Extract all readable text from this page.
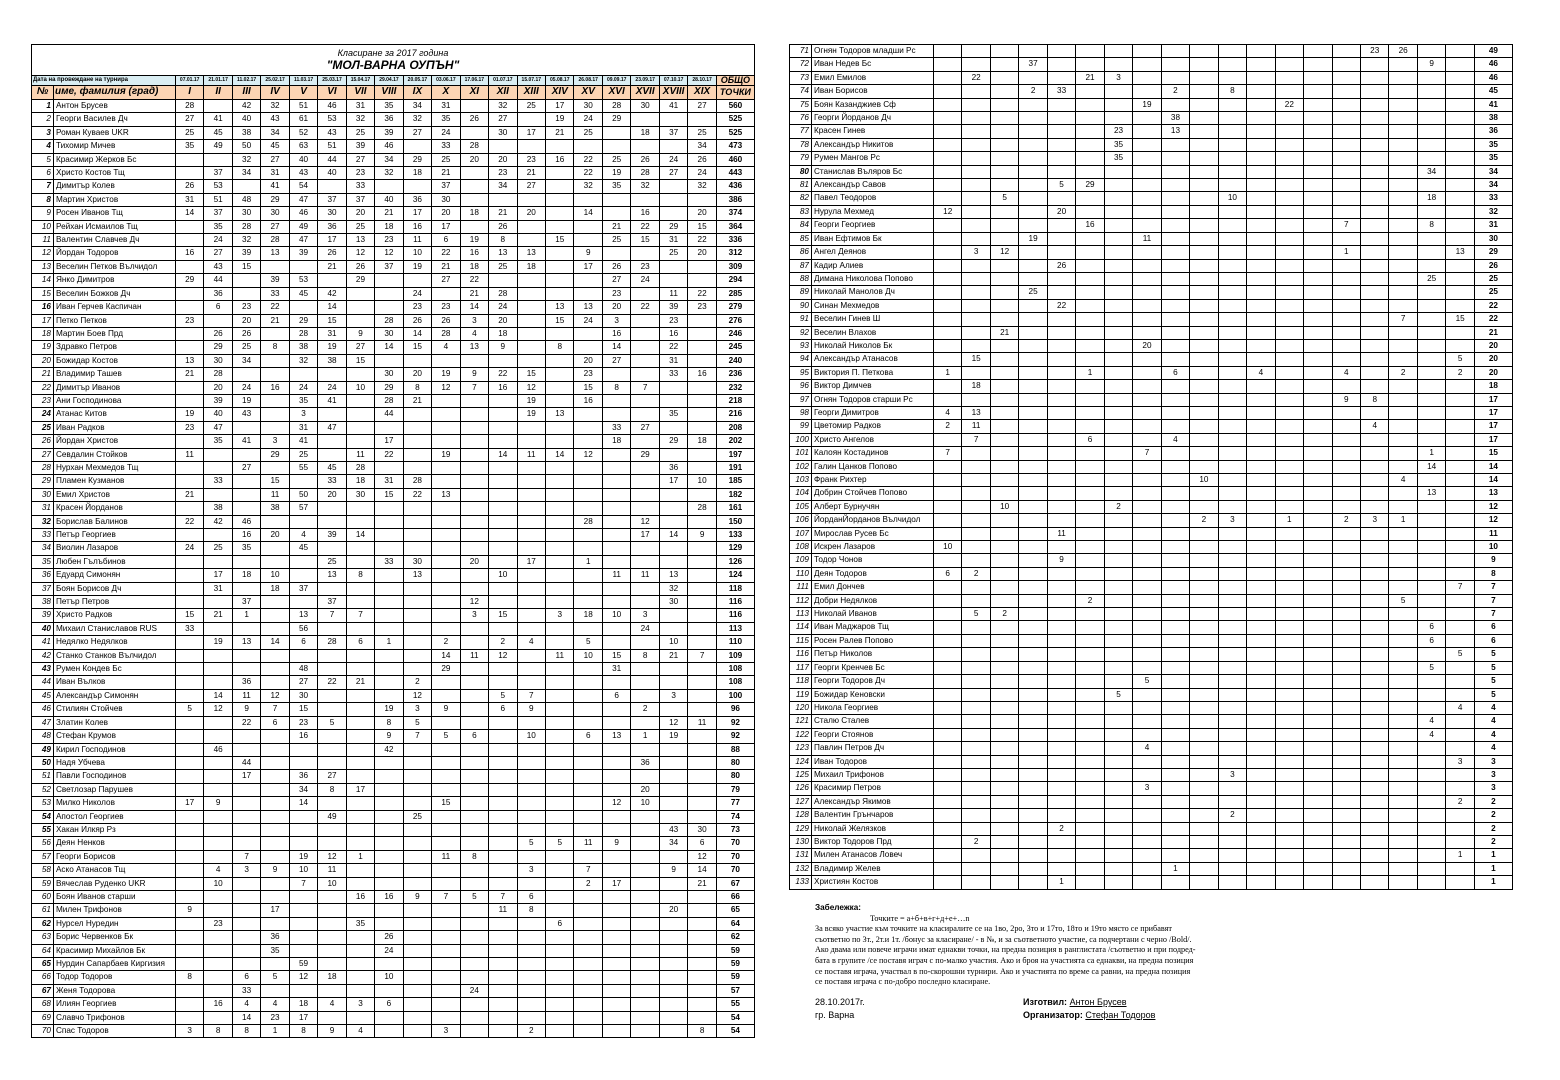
Класиране за 2017 година
"МОЛ-ВАРНА ОУПЪН"
Дата на провеждане на турнира		07.01.17	21.01.17	11.02.17	25.02.17	11.03.17	25.03.17	15.04.17	29.04.17	20.05.17	03.06.17	17.06.17	01.07.17	15.07.17	05.08.17	26.08.17	09.09.17	23.09.17	07.10.17	28.10.17	ОБЩО
№	име, фамилия (град)	I	II	III	IV	V	VI	VII	VIII	IX	X	XI	XII	XIII	XIV	XV	XVI	XVII	XVIII	XIX	ТОЧКИ
1	Антон Брусев	28		42	32	51	46	31	35	34	31		32	25	17	30	28	30	41	27	560
2	Георги Василев Дч	27	41	40	43	61	53	32	36	32	35	26	27		19	24	29				525
3	Роман Куваев UKR	25	45	38	34	52	43	25	39	27	24		30	17	21	25		18	37	25	525
4	Тихомир Мичев	35	49	50	45	63	51	39	46		33	28								34	473
5	Красимир Жерков Бс			32	27	40	44	27	34	29	25	20	20	23	16	22	25	26	24	26	460
6	Христо Костов Тщ		37	34	31	43	40	23	32	18	21		23	21		22	19	28	27	24	443
7	Димитър Колев	26	53		41	54		33			37		34	27		32	35	32		32	436
8	Мартин Христов	31	51	48	29	47	37	37	40	36	30										386
9	Росен Иванов Тщ	14	37	30	30	46	30	20	21	17	20	18	21	20		14		16		20	374
10	Рейхан Исмаилов Тщ		35	28	27	49	36	25	18	16	17		26				21	22	29	15	364
11	Валентин Славчев Дч		24	32	28	47	17	13	23	11	6	19	8		15		25	15	31	22	336
12	Йордан Тодоров	16	27	39	13	39	26	12	12	10	22	16	13	13		9			25	20	312
13	Веселин Петков Вълчидол		43	15			21	26	37	19	21	18	25	18		17	26	23			309
14	Янко Димитров	29	44		39	53		29			27	22					27	24			294
15	Веселин Божков Дч		36		33	45	42			24		21	28				23		11	22	285
16	Иван Герчев Каспичан		6	23	22		14			23	23	14	24		13	13	20	22	39	23	279
17	Петко Петков	23		20	21	29	15		28	26	26	3	20		15	24	3		23		276
18	Мартин Боев Прд		26	26		28	31	9	30	14	28	4	18				16		16		246
19	Здравко Петров		29	25	8	38	19	27	14	15	4	13	9		8		14		22		245
20	Божидар Костов	13	30	34		32	38	15								20	27		31		240
21	Владимир Ташев	21	28						30	20	19	9	22	15		23			33	16	236
22	Димитър Иванов		20	24	16	24	24	10	29	8	12	7	16	12		15	8	7			232
23	Ани Господинова		39	19		35	41		28	21				19		16					218
24	Атанас Китов	19	40	43		3			44					19	13				35		216
25	Иван Радков	23	47			31	47										33	27			208
26	Йордан Христов		35	41	3	41			17								18		29	18	202
27	Севдалин Стойков	11			29	25		11	22		19		14	11	14	12		29			197
28	Нурхан Мехмедов Тщ			27		55	45	28											36		191
29	Пламен Кузманов		33		15		33	18	31	28									17	10	185
30	Емил Христов	21			11	50	20	30	15	22	13										182
31	Красен Йорданов		38		38	57														28	161
32	Борислав Балинов	22	42	46												28		12			150
33	Петър Георгиев			16	20	4	39	14										17	14	9	133
34	Виолин Лазаров	24	25	35		45															129
35	Любен Гълъбинов						25		33	30		20		17		1					126
36	Едуард Симонян		17	18	10		13	8		13			10				11	11	13		124
37	Боян Борисов Дч		31		18	37													32		118
38	Петър Петров			37			37					12							30		116
39	Христо Радков	15	21	1		13	7	7				3	15		3	18	10	3			116
40	Михаил Станиславов RUS	33				56												24			113
41	Недялко Недялков		19	13	14	6	28	6	1		2		2	4		5			10		110
42	Станко Станков Вълчидол										14	11	12		11	10	15	8	21	7	109
43	Румен Кондев Бс					48					29						31				108
44	Иван Вълков			36		27	22	21		2											108
45	Александър Симонян		14	11	12	30				12			5	7			6		3		100
46	Стилиян Стойчев	5	12	9	7	15			19	3	9		6	9				2			96
47	Златин Колев			22	6	23	5		8	5									12	11	92
48	Стефан Крумов					16			9	7	5	6		10		6	13	1	19		92
49	Кирил Господинов		46						42												88
50	Надя Убчева			44														36			80
51	Павли Господинов			17		36	27														80
52	Светлозар Парушев					34	8	17										20			79
53	Милко Николов	17	9			14					15						12	10			77
54	Апостол Георгиев						49			25											74
55	Хакан Илкяр Рз																		43	30	73
56	Деян Ненков													5	5	11	9		34	6	70
57	Георги Борисов			7		19	12	1			11	8								12	70
58	Аско Атанасов Тщ		4	3	9	10	11							3		7			9	14	70
59	Вячеслав Руденко UKR		10			7	10									2	17			21	67
60	Боян Иванов старши							16	16	9	7	5	7	6							66
61	Милен Трифонов	9			17								11	8					20		65
62	Нурсел Нуредин		23					35							6						64
63	Борис Червенков Бк				36				26												62
64	Красимир Михайлов Бк				35				24												59
65	Нурдин Сапарбаев Киргизия					59															59
66	Тодор Тодоров	8		6	5	12	18		10												59
67	Женя Тодорова			33								24									57
68	Илиян Георгиев		16	4	4	18	4	3	6												55
69	Славчо Трифонов			14	23	17															54
70	Спас Тодоров	3	8	8	1	8	9	4			3			2						8	54
71	Огнян Тодоров младши Рс																23	26			49
72	Иван Недев Бс				37														9		46
73	Емил Емилов		22				21	3													46
74	Иван Борисов				2	33				2		8									45
75	Боян Казанджиев Сф								19					22							41
76	Георги Йорданов Дч									38											38
77	Красен Гинев							23		13											36
78	Александър Никитов							35													35
79	Румен Мангов Рс							35													35
80	Станислав Въляров Бс																		34		34
81	Александър Савов					5	29														34
82	Павел Теодоров			5								10							18		33
83	Нурула Мехмед	12				20															32
84	Георги Георгиев						16									7			8		31
85	Иван Ефтимов Бк				19				11												30
86	Ангел Деянов		3	12												1				13	29
87	Кадир Алиев					26															26
88	Димана Николова Попово																		25		25
89	Николай Манолов Дч				25																25
90	Синан Мехмедов					22															22
91	Веселин Гинев Ш																	7		15	22
92	Веселин Влахов			21																	21
93	Николай Николов Бк								20												20
94	Александър Атанасов		15																	5	20
95	Виктория П. Петкова	1					1			6			4			4		2		2	20
96	Виктор Димчев		18																		18
97	Огнян Тодоров старши Рс															9	8				17
98	Георги Димитров	4	13																		17
99	Цветомир Радков	2	11														4				17
100	Христо Ангелов		7				6			4											17
101	Калоян Костадинов	7							7										1		15
102	Галин Цанков Попово																		14		14
103	Франк Рихтер										10							4			14
104	Добрин Стойчев Попово																		13		13
105	Алберт Бурнучян			10				2													12
106	ЙорданЙорданов Вълчидол										2	3		1		2	3	1			12
107	Мирослав Русев Бс					11															11
108	Искрен Лазаров	10																			10
109	Тодор Чонов					9															9
110	Деян Тодоров	6	2																		8
111	Емил Дончев																			7	7
112	Добри Недялков						2											5			7
113	Николай Иванов		5	2																	7
114	Иван Маджаров Тщ																		6		6
115	Росен Ралев Попово																		6		6
116	Петър Николов																			5	5
117	Георги Кренчев Бс																		5		5
118	Георги Тодоров Дч								5												5
119	Божидар Кеновски							5													5
120	Никола Георгиев																			4	4
121	Сталю Сталев																		4		4
122	Георги Стоянов																		4		4
123	Павлин Петров Дч								4												4
124	Иван Тодоров																			3	3
125	Михаил Трифонов											3									3
126	Красимир Петров								3												3
127	Александър Якимов																			2	2
128	Валентин Грънчаров											2									2
129	Николай Желязков					2															2
130	Виктор Тодоров Прд		2																		2
131	Милен Атанасов Ловеч																			1	1
132	Владимир Желев									1											1
133	Християн Костов					1															1
Забележка:
Точките = а+б+в+г+д+е+…n
За всяко участие към точките на класиралите се на 1во, 2ро, 3то и 17то, 18то и 19то място се прибавят
съответно по 3т., 2т.и 1т. /бонус за класиране/ - в №, и за съответното участие, са подчертани с черно /Bold/.
Ако двама или повече играчи имат еднакви точки, на предна позиция в ранглистата /съответно и при подред-
бата в групите /се поставя играч с по-малко участия. Ако и броя на участията са еднакви, на предна позиция
се поставя играча, участвал в по-скорошни турнири. Ако и участията по време са равни, на предна позиция
се поставя играча с по-добро последно класиране.
28.10.2017г.
гр. Варна
Изготвил: Антон Брусев
Организатор: Стефан Тодоров
